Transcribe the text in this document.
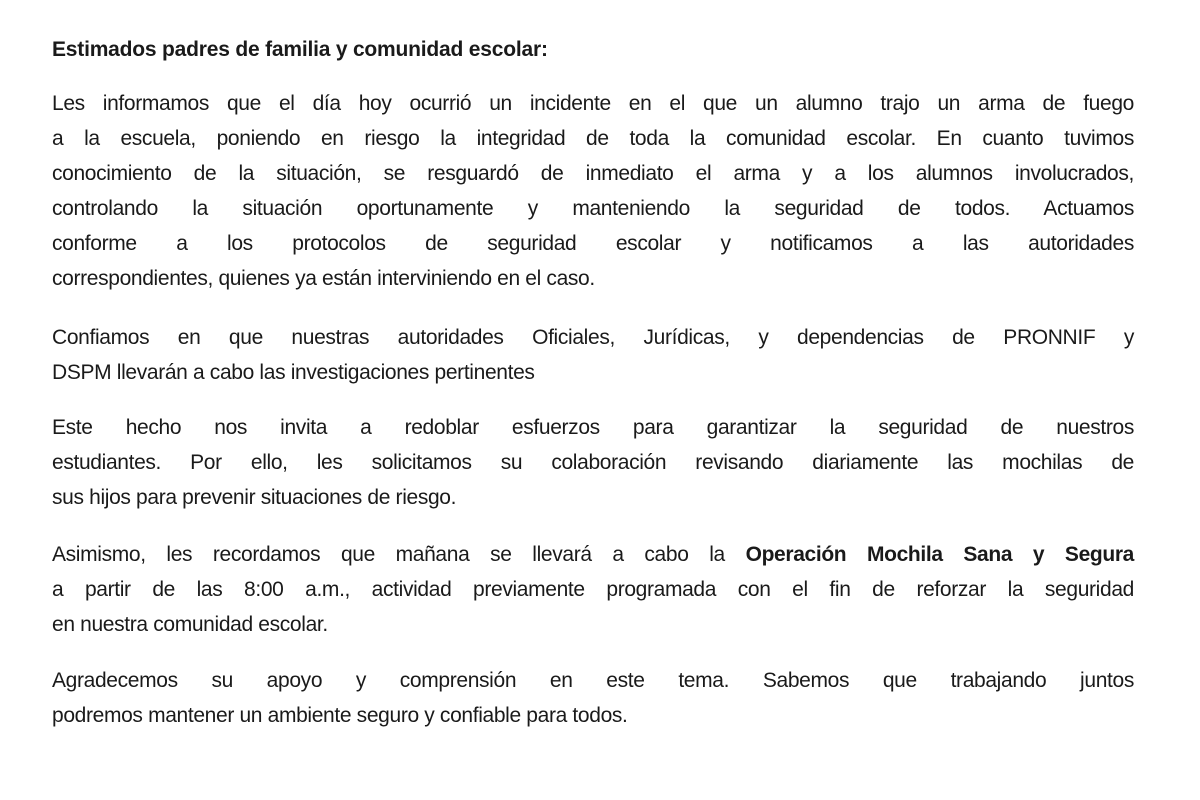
Estimados padres de familia y comunidad escolar:

Les informamos que el día hoy ocurrió un incidente en el que un alumno trajo un arma de fuego
a la escuela, poniendo en riesgo la integridad de toda la comunidad escolar. En cuanto tuvimos
conocimiento de la situación, se resguardó de inmediato el arma y a los alumnos involucrados,
controlando la situación oportunamente y manteniendo la seguridad de todos. Actuamos
conforme a los protocolos de seguridad escolar y notificamos a las autoridades
correspondientes, quienes ya están interviniendo en el caso.

Confiamos en que nuestras autoridades Oficiales, Jurídicas, y dependencias de PRONNIF y
DSPM llevarán a cabo las investigaciones pertinentes

Este hecho nos invita a redoblar esfuerzos para garantizar la seguridad de nuestros
estudiantes. Por ello, les solicitamos su colaboración revisando diariamente las mochilas de
sus hijos para prevenir situaciones de riesgo.

Asimismo, les recordamos que mañana se llevará a cabo la Operación Mochila Sana y Segura
a partir de las 8:00 a.m., actividad previamente programada con el fin de reforzar la seguridad
en nuestra comunidad escolar.

Agradecemos su apoyo y comprensión en este tema. Sabemos que trabajando juntos
podremos mantener un ambiente seguro y confiable para todos.
